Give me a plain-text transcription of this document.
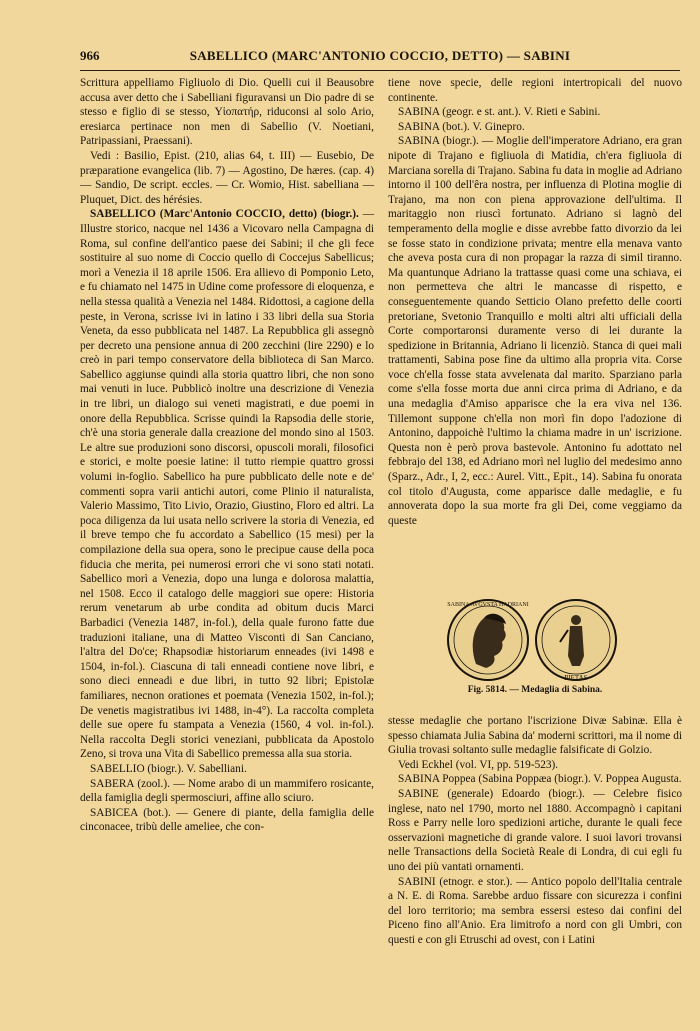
966	SABELLICO (MARC'ANTONIO COCCIO, DETTO) — SABINI

Scrittura appelliamo Figliuolo di Dio. Quelli cui il Beausobre accusa aver detto che i Sabelliani figuravansi un Dio padre di se stesso e figlio di se stesso, Υἱοπατήρ, riduconsi al solo Ario, eresiarca pertinace non men di Sabellio (V. Noetiani, Patripassiani, Praessani).

Vedi : Basilio, Epist. (210, alias 64, t. III) — Eusebio, De præparatione evangelica (lib. 7) — Agostino, De hæres. (cap. 4) — Sandio, De script. eccles. — Cr. Womio, Hist. sabelliana — Pluquet, Dict. des hérésies.

SABELLICO (Marc'Antonio COCCIO, detto) (biogr.). — Illustre storico, nacque nel 1436 a Vicovaro nella Campagna di Roma, sul confine dell'antico paese dei Sabini; il che gli fece sostituire al suo nome di Coccio quello di Coccejus Sabellicus; morì a Venezia il 18 aprile 1506. Era allievo di Pomponio Leto, e fu chiamato nel 1475 in Udine come professore di eloquenza, e nella stessa qualità a Venezia nel 1484. Ridottosi, a cagione della peste, in Verona, scrisse ivi in latino i 33 libri della sua Storia Veneta, da esso pubblicata nel 1487. La Repubblica gli assegnò per decreto una pensione annua di 200 zecchini (lire 2290) e lo creò in pari tempo conservatore della biblioteca di San Marco. Sabellico aggiunse quindi alla storia quattro libri, che non sono mai venuti in luce. Pubblicò inoltre una descrizione di Venezia in tre libri, un dialogo sui veneti magistrati, e due poemi in onore della Repubblica. Scrisse quindi la Rapsodia delle storie, ch'è una storia generale dalla creazione del mondo sino al 1503. Le altre sue produzioni sono discorsi, opuscoli morali, filosofici e storici, e molte poesie latine: il tutto riempie quattro grossi volumi in-foglio. Sabellico ha pure pubblicato delle note e de' commenti sopra varii antichi autori, come Plinio il naturalista, Valerio Massimo, Tito Livio, Orazio, Giustino, Floro ed altri. La poca diligenza da lui usata nello scrivere la storia di Venezia, ed il breve tempo che fu accordato a Sabellico (15 mesi) per la compilazione della sua opera, sono le precipue cause della poca fiducia che merita, pei numerosi errori che vi sono stati notati. Sabellico morì a Venezia, dopo una lunga e dolorosa malattia, nel 1508. Ecco il catalogo delle maggiori sue opere: Historia rerum venetarum ab urbe condita ad obitum ducis Marci Barbadici (Venezia 1487, in-fol.), della quale furono fatte due traduzioni italiane, una di Matteo Visconti di San Canciano, l'altra del Do'ce; Rhapsodiæ historiarum enneades (ivi 1498 e 1504, in-fol.). Ciascuna di tali enneadi contiene nove libri, e sono dieci enneadi e due libri, in tutto 92 libri; Epistolæ familiares, necnon orationes et poemata (Venezia 1502, in-fol.); De venetis magistratibus ivi 1488, in-4°). La raccolta completa delle sue opere fu stampata a Venezia (1560, 4 vol. in-fol.). Nella raccolta Degli storici veneziani, pubblicata da Apostolo Zeno, si trova una Vita di Sabellico premessa alla sua storia.

SABELLIO (biogr.). V. Sabelliani.

SABERA (zool.). — Nome arabo di un mammifero rosicante, della famiglia degli spermosciuri, affine allo sciuro.

SABICEA (bot.). — Genere di piante, della famiglia delle cinconacee, tribù delle ameliee, che con-

tiene nove specie, delle regioni intertropicali del nuovo continente.

SABINA (geogr. e st. ant.). V. Rieti e Sabini.

SABINA (bot.). V. Ginepro.

SABINA (biogr.). — Moglie dell'imperatore Adriano, era gran nipote di Trajano e figliuola di Matidia, ch'era figliuola di Marciana sorella di Trajano. Sabina fu data in moglie ad Adriano intorno il 100 dell'êra nostra, per influenza di Plotina moglie di Trajano, ma non con piena approvazione dell'ultima. Il maritaggio non riuscì fortunato. Adriano si lagnò del temperamento della moglie e disse avrebbe fatto divorzio da lei se fosse stato in condizione privata; mentre ella menava vanto che aveva posta cura di non propagar la razza di simil tiranno. Ma quantunque Adriano la trattasse quasi come una schiava, ei non permetteva che altri le mancasse di rispetto, e conseguentemente quando Setticio Olano prefetto delle coorti pretoriane, Svetonio Tranquillo e molti altri alti ufficiali della Corte comportaronsi duramente verso di lei durante la spedizione in Britannia, Adriano li licenziò. Stanca di quei mali trattamenti, Sabina pose fine da ultimo alla propria vita. Corse voce ch'ella fosse stata avvelenata dal marito. Sparziano parla come s'ella fosse morta due anni circa prima di Adriano, e da una medaglia d'Amiso apparisce che la era viva nel 136. Tillemont suppone ch'ella non morì fin dopo l'adozione di Antonino, dappoichè l'ultimo la chiama madre in un' iscrizione. Questa non è però prova bastevole. Antonino fu adottato nel febbrajo del 138, ed Adriano morì nel luglio del medesimo anno (Sparz., Adr., I, 2, ecc.: Aurel. Vitt., Epit., 14). Sabina fu onorata col titolo d'Augusta, come apparisce dalle medaglie, e fu annoverata dopo la sua morte fra gli Dei, come veggiamo da queste

SABINA AVGVSTA HADRIANI
PIETAS
Fig. 5814. — Medaglia di Sabina.

stesse medaglie che portano l'iscrizione Divæ Sabinæ. Ella è spesso chiamata Julia Sabina da' moderni scrittori, ma il nome di Giulia trovasi soltanto sulle medaglie falsificate di Golzio.

Vedi Eckhel (vol. VI, pp. 519-523).

SABINA Poppea (Sabina Poppæa (biogr.). V. Poppea Augusta.

SABINE (generale) Edoardo (biogr.). — Celebre fisico inglese, nato nel 1790, morto nel 1880. Accompagnò i capitani Ross e Parry nelle loro spedizioni artiche, durante le quali fece osservazioni magnetiche di grande valore. I suoi lavori trovansi nelle Transactions della Società Reale di Londra, di cui egli fu uno dei più vantati ornamenti.

SABINI (etnogr. e stor.). — Antico popolo dell'Italia centrale a N. E. di Roma. Sarebbe arduo fissare con sicurezza i confini del loro territorio; ma sembra essersi esteso dai confini del Piceno fino all'Anio. Era limitrofo a nord con gli Umbri, con questi e con gli Etruschi ad ovest, con i Latini
